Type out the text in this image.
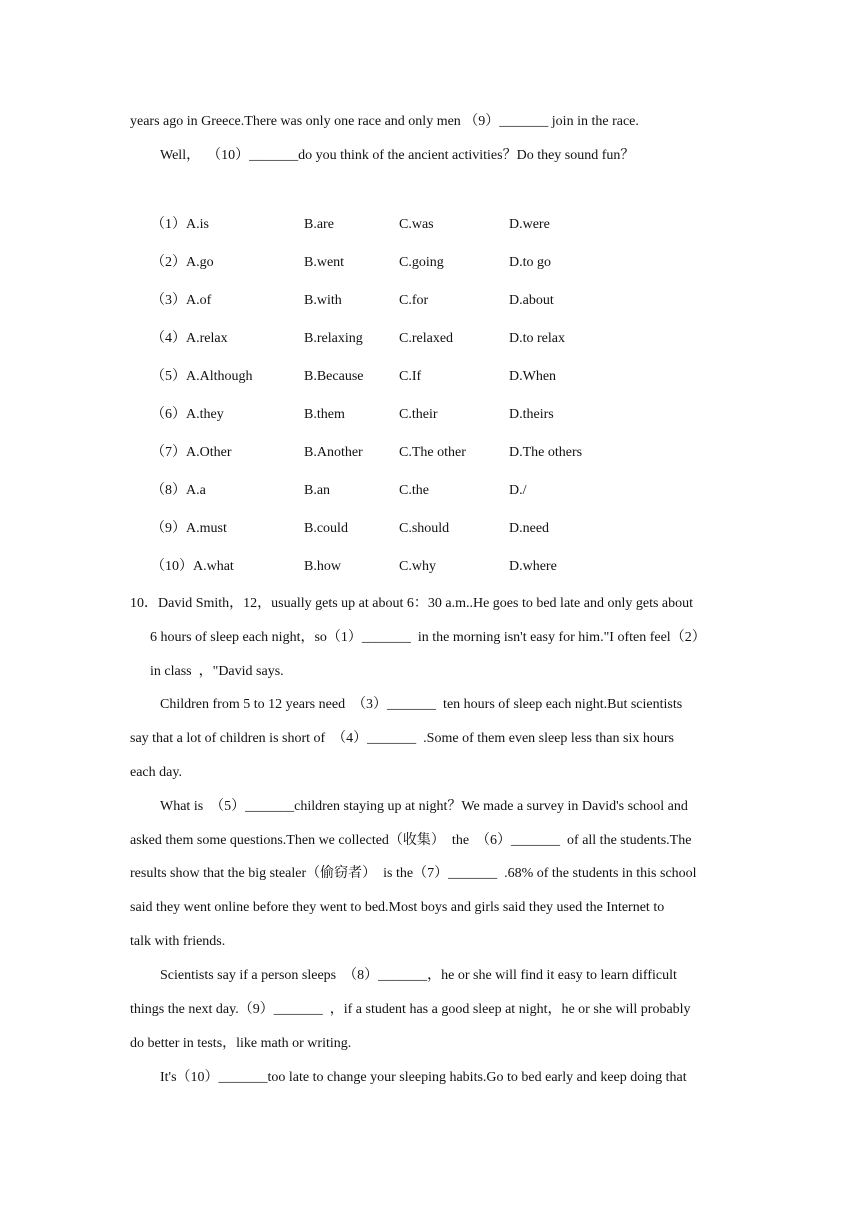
years ago in Greece.There was only one race and only men （9）_______ join in the race.
Well，  （10）_______do you think of the ancient activities？Do they sound fun？
（1）A.is	B.are	C.was	D.were
（2）A.go	B.went	C.going	D.to go
（3）A.of	B.with	C.for	D.about
（4）A.relax	B.relaxing	C.relaxed	D.to relax
（5）A.Although	B.Because	C.If	D.When
（6）A.they	B.them	C.their	D.theirs
（7）A.Other	B.Another	C.The other	D.The others
（8）A.a	B.an	C.the	D./
（9）A.must	B.could	C.should	D.need
（10）A.what	B.how	C.why	D.where
10．David Smith，12，usually gets up at about 6：30 a.m..He goes to bed late and only gets about
6 hours of sleep each night，so（1）_______  in the morning isn't easy for him."I often feel（2）
in class  ，"David says.
Children from 5 to 12 years need  （3）_______  ten hours of sleep each night.But scientists
say that a lot of children is short of  （4）_______  .Some of them even sleep less than six hours
each day.
What is  （5）_______children staying up at night？We made a survey in David's school and
asked them some questions.Then we collected（收集）  the  （6）_______  of all the students.The
results show that the big stealer（偷窃者）  is the（7）_______  .68% of the students in this school
said they went online before they went to bed.Most boys and girls said they used the Internet to
talk with friends.
Scientists say if a person sleeps  （8）_______，he or she will find it easy to learn difficult
things the next day.（9）_______  ，if a student has a good sleep at night，he or she will probably
do better in tests，like math or writing.
It's（10）_______too late to change your sleeping habits.Go to bed early and keep doing that
